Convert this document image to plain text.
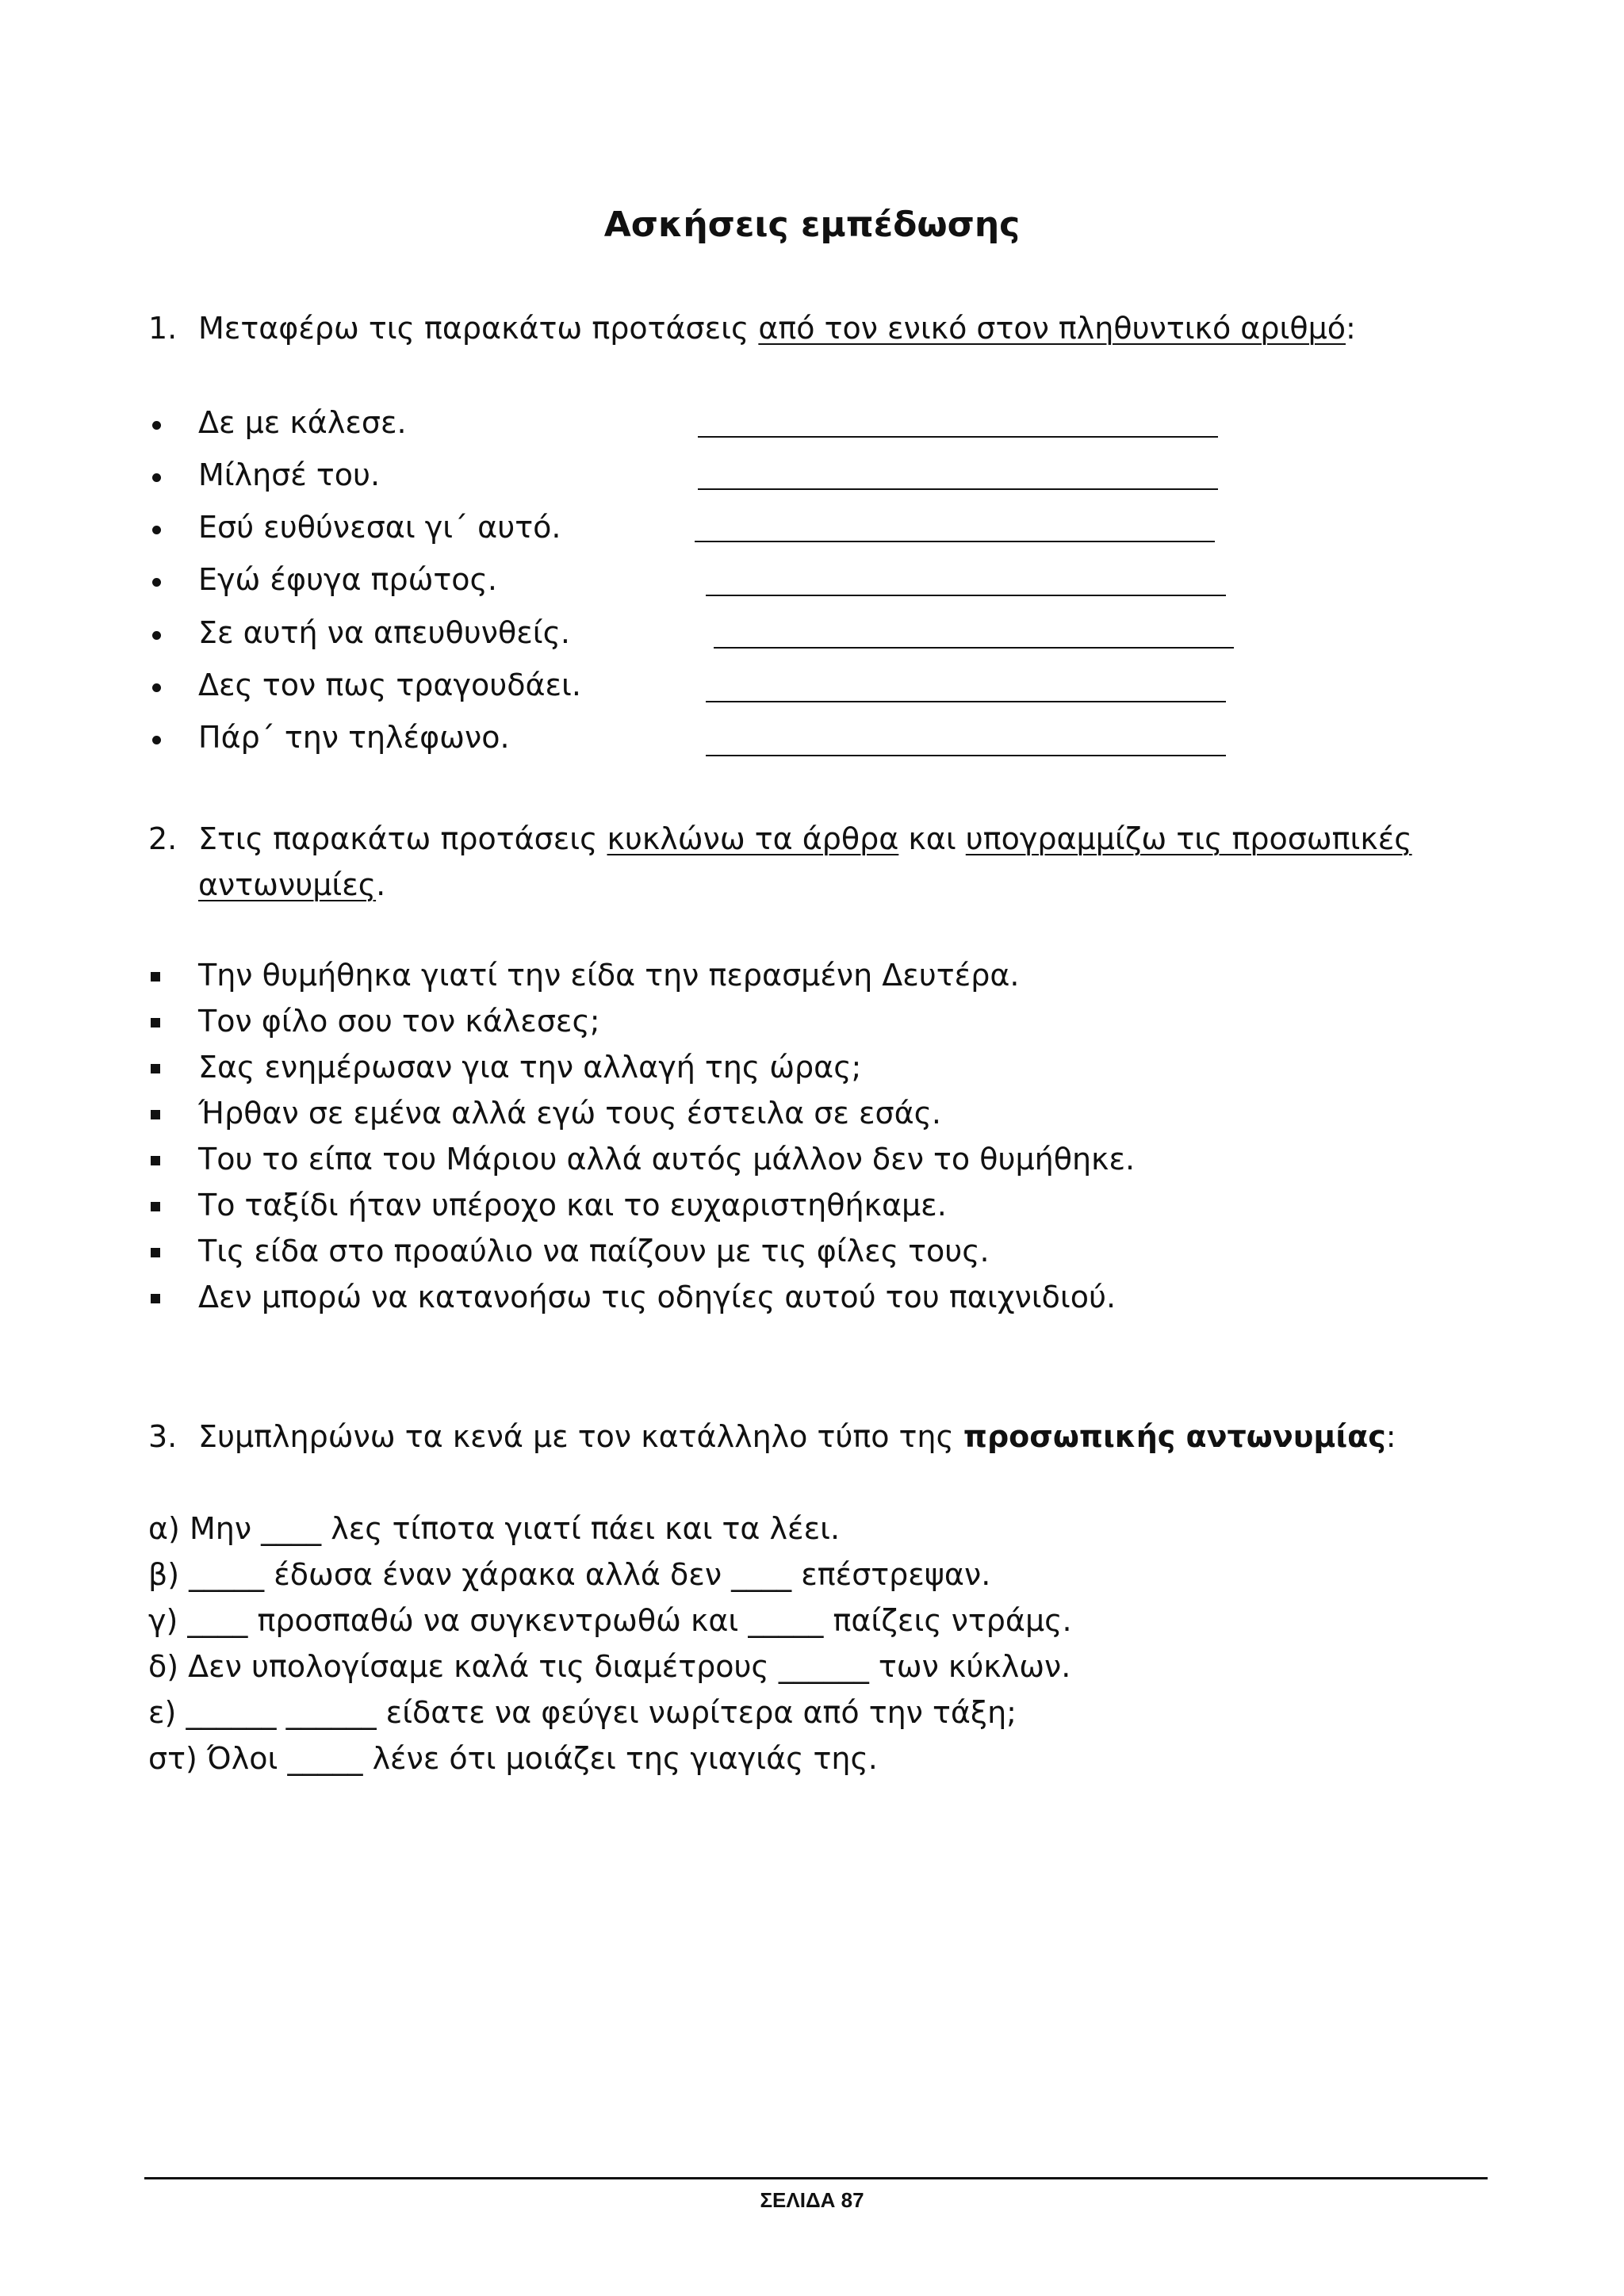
Ασκήσεις εμπέδωσης
1. Μεταφέρω τις παρακάτω προτάσεις από τον ενικό στον πληθυντικό αριθμό:
Δε με κάλεσε.
Μίλησέ του.
Εσύ ευθύνεσαι γι΄ αυτό.
Εγώ έφυγα πρώτος.
Σε αυτή να απευθυνθείς.
Δες τον πως τραγουδάει.
Πάρ΄ την τηλέφωνο.
2. Στις παρακάτω προτάσεις κυκλώνω τα άρθρα και υπογραμμίζω τις προσωπικές
αντωνυμίες.
Την θυμήθηκα γιατί την είδα την περασμένη Δευτέρα.
Τον φίλο σου τον κάλεσες;
Σας ενημέρωσαν για την αλλαγή της ώρας;
Ήρθαν σε εμένα αλλά εγώ τους έστειλα σε εσάς.
Του το είπα του Μάριου αλλά αυτός μάλλον δεν το θυμήθηκε.
Το ταξίδι ήταν υπέροχο και το ευχαριστηθήκαμε.
Τις είδα στο προαύλιο να παίζουν με τις φίλες τους.
Δεν μπορώ να κατανοήσω τις οδηγίες αυτού του παιχνιδιού.
3. Συμπληρώνω τα κενά με τον κατάλληλο τύπο της προσωπικής αντωνυμίας:
α) Μην ____ λες τίποτα γιατί πάει και τα λέει.
β) _____ έδωσα έναν χάρακα αλλά δεν ____ επέστρεψαν.
γ) ____ προσπαθώ να συγκεντρωθώ και _____ παίζεις ντράμς.
δ) Δεν υπολογίσαμε καλά τις διαμέτρους ______ των κύκλων.
ε) ______ ______ είδατε να φεύγει νωρίτερα από την τάξη;
στ) Όλοι _____ λένε ότι μοιάζει της γιαγιάς της.
ΣΕΛΙΔΑ 87
